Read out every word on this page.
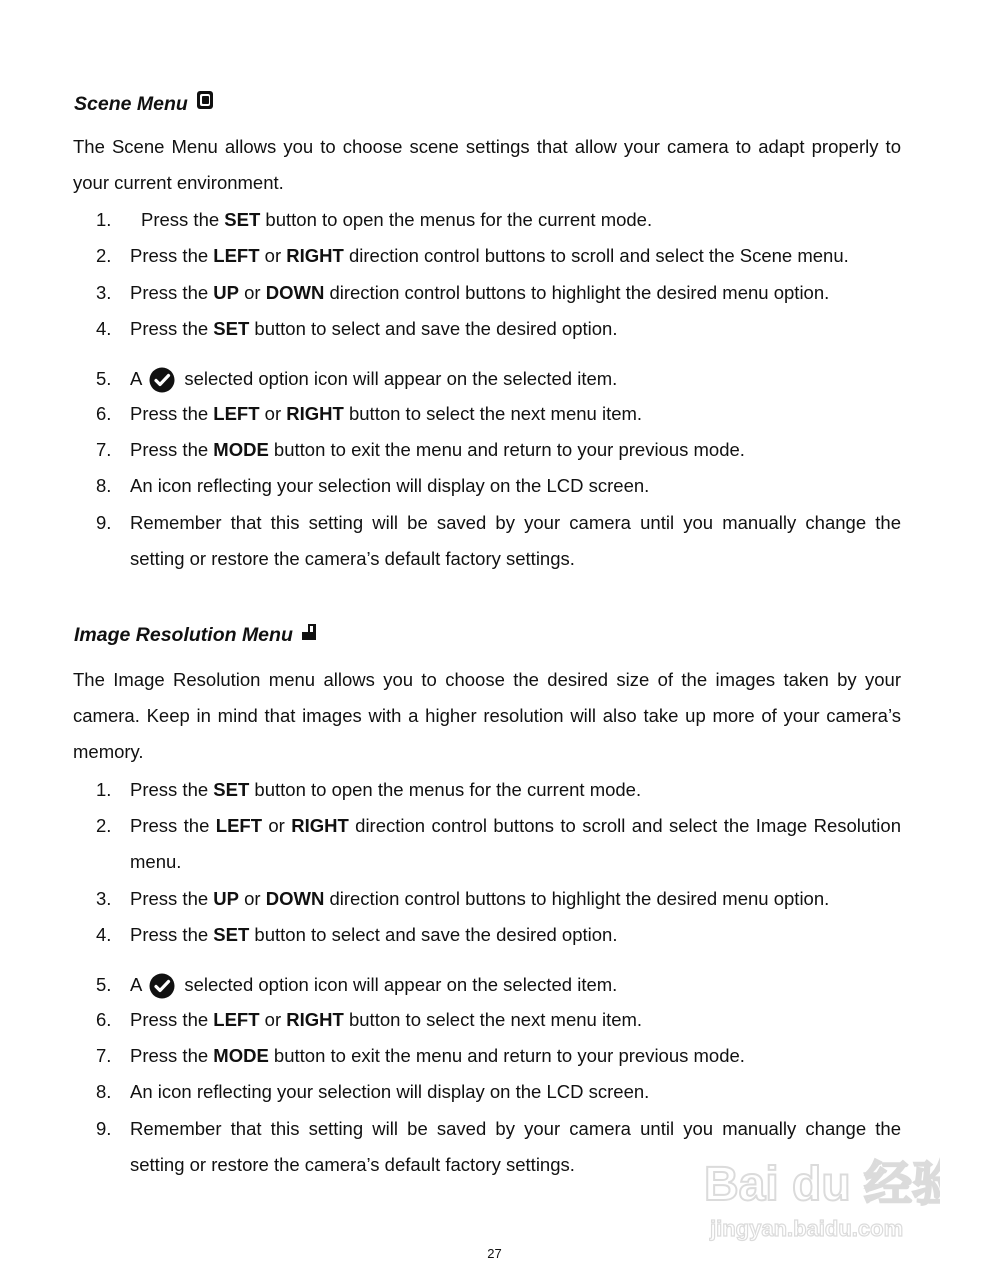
Scene Menu

The Scene Menu allows you to choose scene settings that allow your camera to adapt properly to your current environment.

1.	Press the SET button to open the menus for the current mode.
2.	Press the LEFT or RIGHT direction control buttons to scroll and select the Scene menu.
3.	Press the UP or DOWN direction control buttons to highlight the desired menu option.
4.	Press the SET button to select and save the desired option.
5.	A selected option icon will appear on the selected item.
6.	Press the LEFT or RIGHT button to select the next menu item.
7.	Press the MODE button to exit the menu and return to your previous mode.
8.	An icon reflecting your selection will display on the LCD screen.
9.	Remember that this setting will be saved by your camera until you manually change the setting or restore the camera’s default factory settings.
Image Resolution Menu

The Image Resolution menu allows you to choose the desired size of the images taken by your camera. Keep in mind that images with a higher resolution will also take up more of your camera’s memory.

1.	Press the SET button to open the menus for the current mode.
2.	Press the LEFT or RIGHT direction control buttons to scroll and select the Image Resolution menu.
3.	Press the UP or DOWN direction control buttons to highlight the desired menu option.
4.	Press the SET button to select and save the desired option.
5.	A selected option icon will appear on the selected item.
6.	Press the LEFT or RIGHT button to select the next menu item.
7.	Press the MODE button to exit the menu and return to your previous mode.
8.	An icon reflecting your selection will display on the LCD screen.
9.	Remember that this setting will be saved by your camera until you manually change the setting or restore the camera’s default factory settings.	Bai du 经验
jingyan.baidu.com
27
